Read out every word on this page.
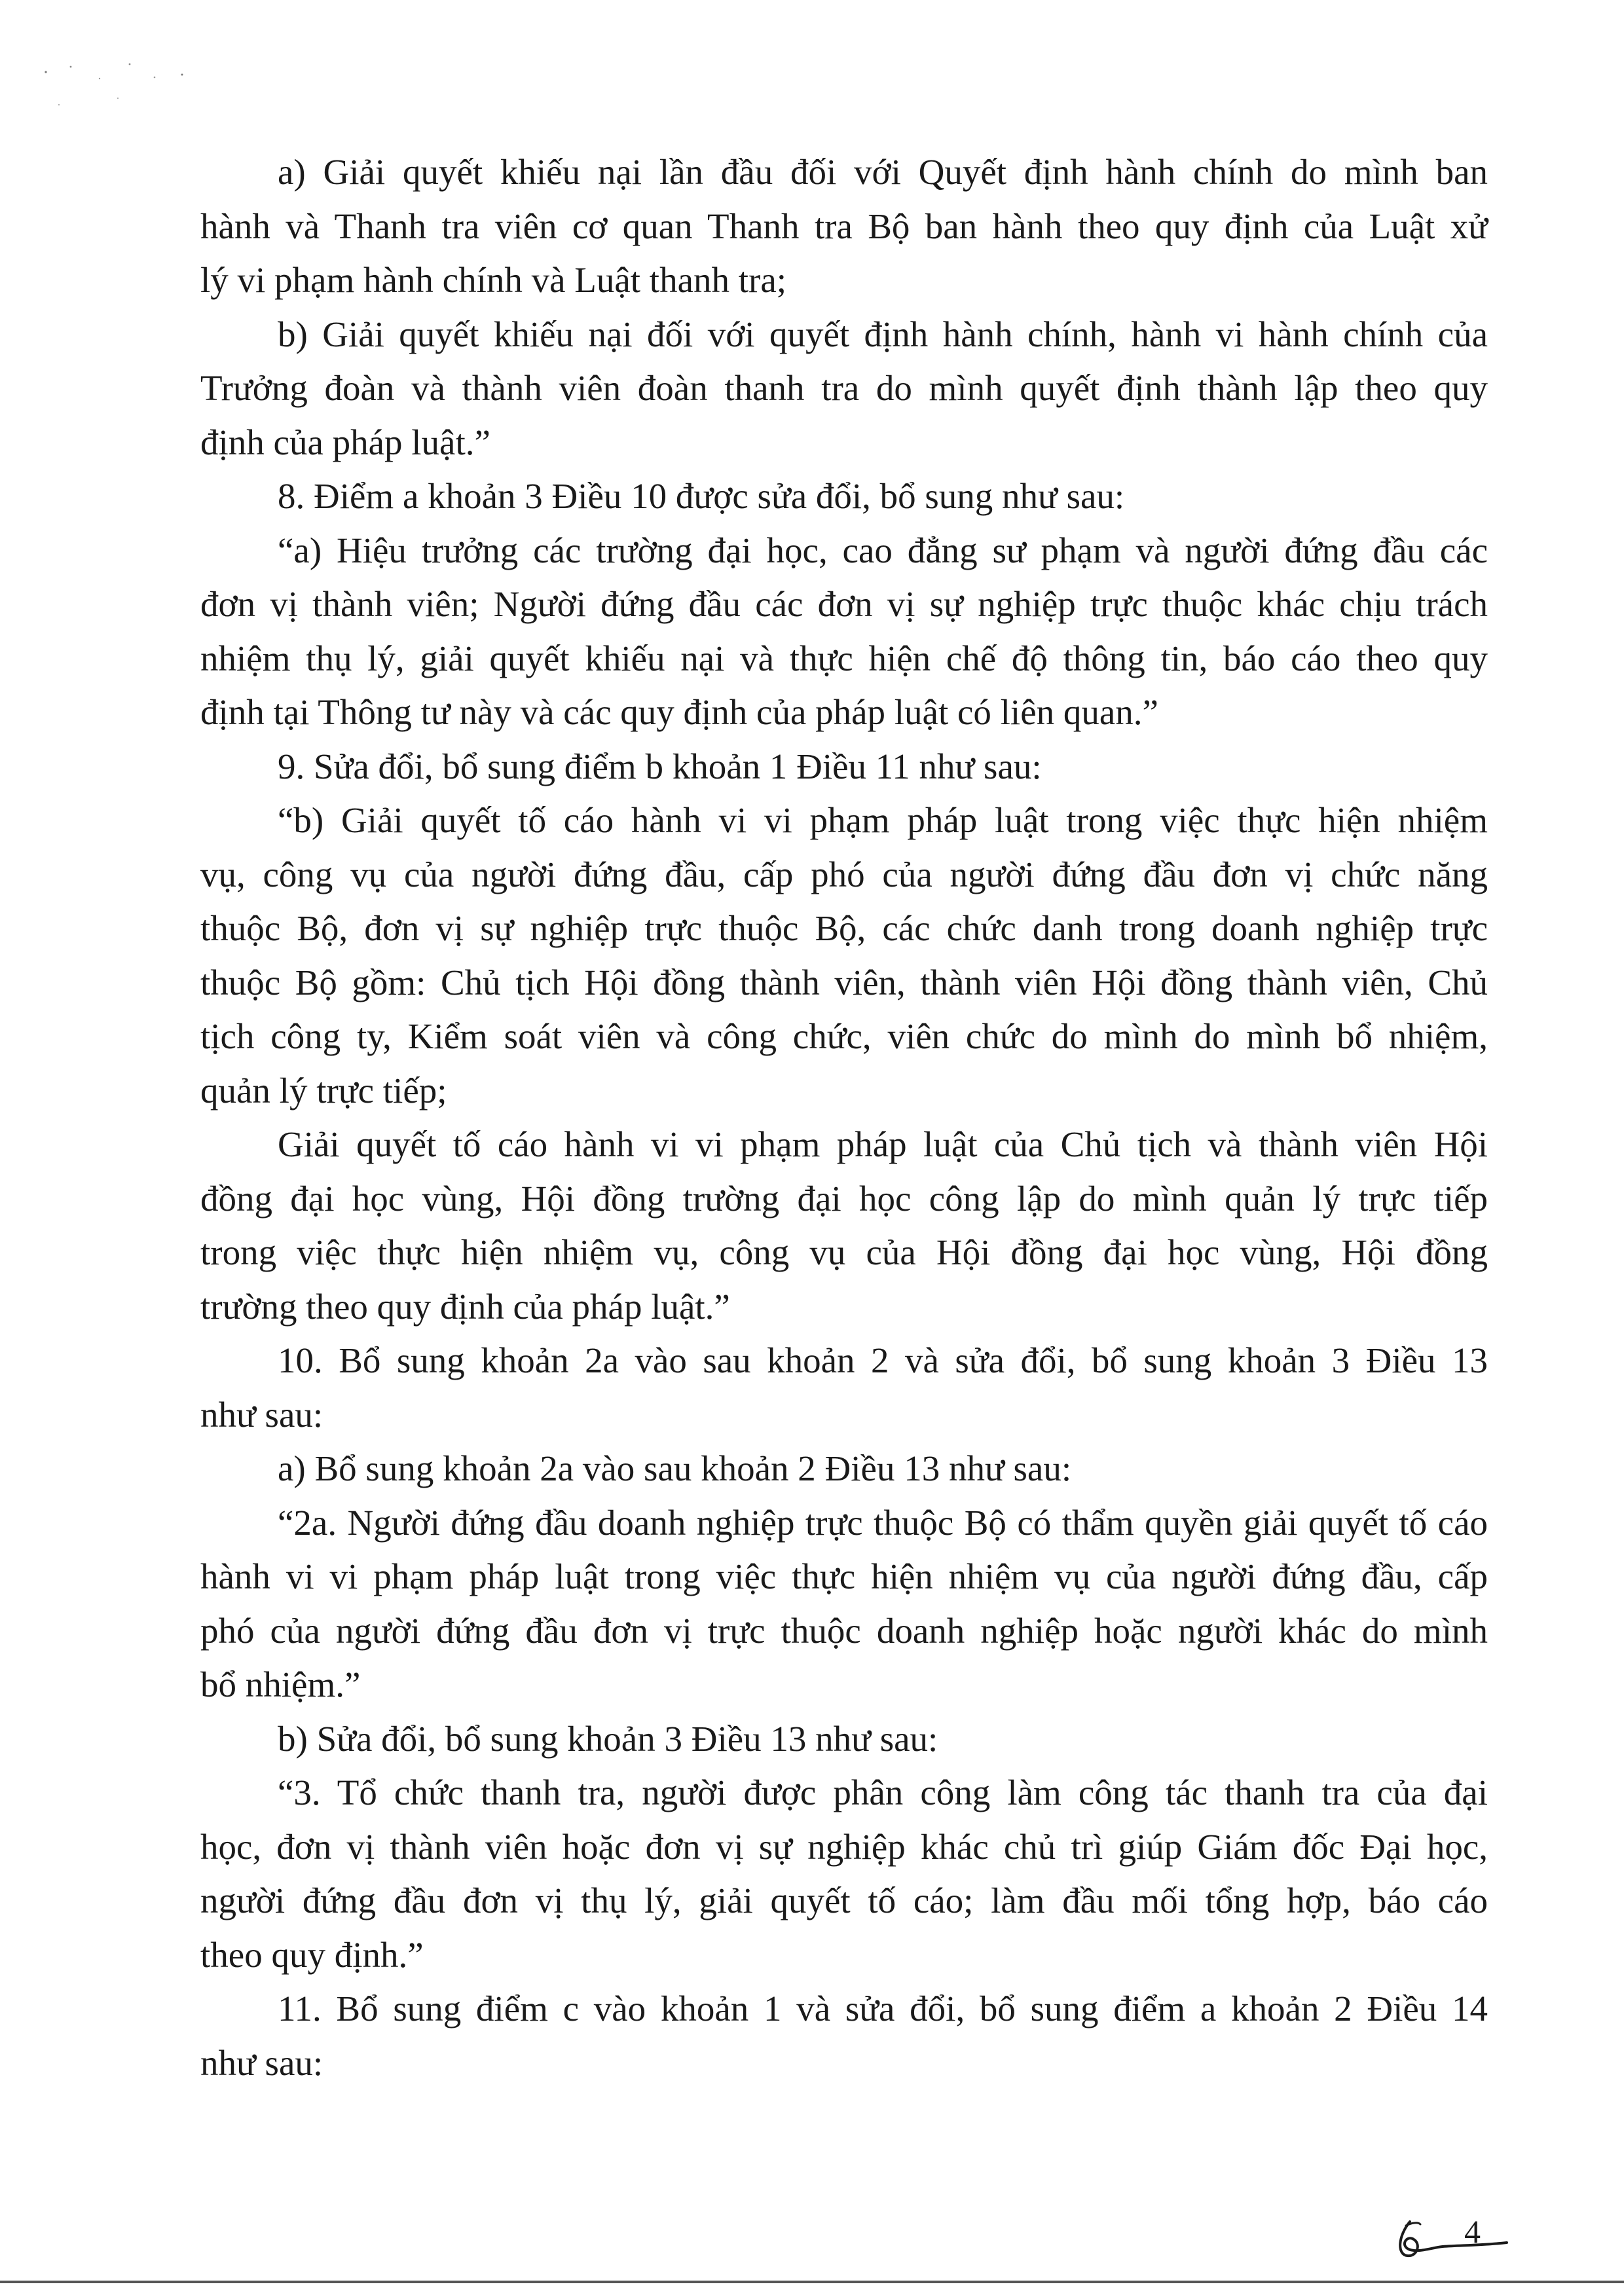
a) Giải quyết khiếu nại lần đầu đối với Quyết định hành chính do mình ban
hành và Thanh tra viên cơ quan Thanh tra Bộ ban hành theo quy định của Luật xử
lý vi phạm hành chính và Luật thanh tra;
b) Giải quyết khiếu nại đối với quyết định hành chính, hành vi hành chính của
Trưởng đoàn và thành viên đoàn thanh tra do mình quyết định thành lập theo quy
định của pháp luật.”
8. Điểm a khoản 3 Điều 10 được sửa đổi, bổ sung như sau:
“a) Hiệu trưởng các trường đại học, cao đẳng sư phạm và người đứng đầu các
đơn vị thành viên; Người đứng đầu các đơn vị sự nghiệp trực thuộc khác chịu trách
nhiệm thụ lý, giải quyết khiếu nại và thực hiện chế độ thông tin, báo cáo theo quy
định tại Thông tư này và các quy định của pháp luật có liên quan.”
9. Sửa đổi, bổ sung điểm b khoản 1 Điều 11 như sau:
“b) Giải quyết tố cáo hành vi vi phạm pháp luật trong việc thực hiện nhiệm
vụ, công vụ của người đứng đầu, cấp phó của người đứng đầu đơn vị chức năng
thuộc Bộ, đơn vị sự nghiệp trực thuộc Bộ, các chức danh trong doanh nghiệp trực
thuộc Bộ gồm: Chủ tịch Hội đồng thành viên, thành viên Hội đồng thành viên, Chủ
tịch công ty, Kiểm soát viên và công chức, viên chức do mình do mình bổ nhiệm,
quản lý trực tiếp;
Giải quyết tố cáo hành vi vi phạm pháp luật của Chủ tịch và thành viên Hội
đồng đại học vùng, Hội đồng trường đại học công lập do mình quản lý trực tiếp
trong việc thực hiện nhiệm vụ, công vụ của Hội đồng đại học vùng, Hội đồng
trường theo quy định của pháp luật.”
10. Bổ sung khoản 2a vào sau khoản 2 và sửa đổi, bổ sung khoản 3 Điều 13
như sau:
a) Bổ sung khoản 2a vào sau khoản 2 Điều 13 như sau:
“2a. Người đứng đầu doanh nghiệp trực thuộc Bộ có thẩm quyền giải quyết tố cáo
hành vi vi phạm pháp luật trong việc thực hiện nhiệm vụ của người đứng đầu, cấp
phó của người đứng đầu đơn vị trực thuộc doanh nghiệp hoặc người khác do mình
bổ nhiệm.”
b) Sửa đổi, bổ sung khoản 3 Điều 13 như sau:
“3. Tổ chức thanh tra, người được phân công làm công tác thanh tra của đại
học, đơn vị thành viên hoặc đơn vị sự nghiệp khác chủ trì giúp Giám đốc Đại học,
người đứng đầu đơn vị thụ lý, giải quyết tố cáo; làm đầu mối tổng hợp, báo cáo
theo quy định.”
11. Bổ sung điểm c vào khoản 1 và sửa đổi, bổ sung điểm a khoản 2 Điều 14
như sau:
4
